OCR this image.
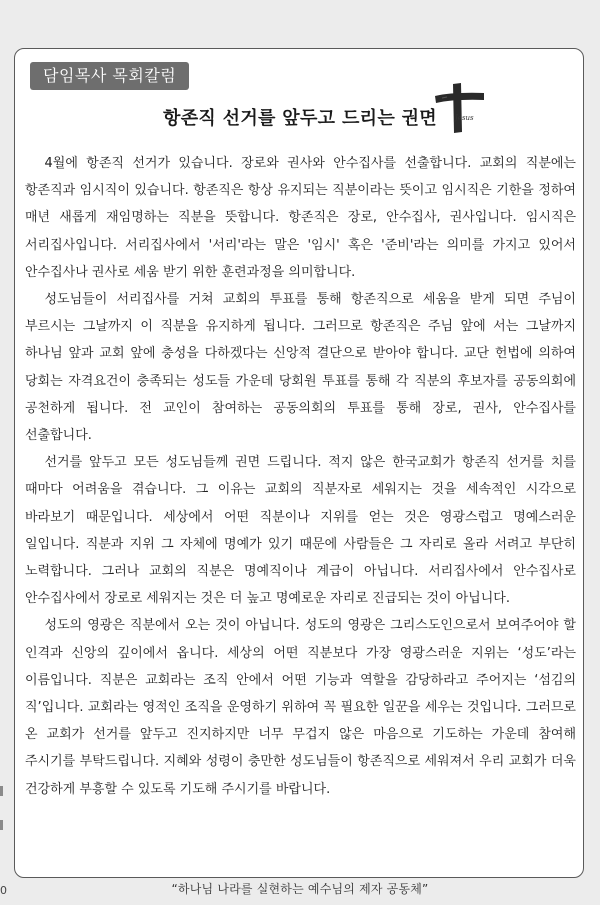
담임목사 목회칼럼
항존직 선거를 앞두고 드리는 권면	Jesus

4월에 항존직 선거가 있습니다. 장로와 권사와 안수집사를 선출합니다. 교회의 직분에는 항존직과 임시직이 있습니다. 항존직은 항상 유지되는 직분이라는 뜻이고 임시직은 기한을 정하여 매년 새롭게 재임명하는 직분을 뜻합니다. 항존직은 장로, 안수집사, 권사입니다. 임시직은 서리집사입니다. 서리집사에서 '서리'라는 말은 '임시' 혹은 '준비'라는 의미를 가지고 있어서 안수집사나 권사로 세움 받기 위한 훈련과정을 의미합니다.

성도님들이 서리집사를 거쳐 교회의 투표를 통해 항존직으로 세움을 받게 되면 주님이 부르시는 그날까지 이 직분을 유지하게 됩니다. 그러므로 항존직은 주님 앞에 서는 그날까지 하나님 앞과 교회 앞에 충성을 다하겠다는 신앙적 결단으로 받아야 합니다. 교단 헌법에 의하여 당회는 자격요건이 충족되는 성도들 가운데 당회원 투표를 통해 각 직분의 후보자를 공동의회에 공천하게 됩니다. 전 교인이 참여하는 공동의회의 투표를 통해 장로, 권사, 안수집사를 선출합니다.

선거를 앞두고 모든 성도님들께 권면 드립니다. 적지 않은 한국교회가 항존직 선거를 치를 때마다 어려움을 겪습니다. 그 이유는 교회의 직분자로 세워지는 것을 세속적인 시각으로 바라보기 때문입니다. 세상에서 어떤 직분이나 지위를 얻는 것은 영광스럽고 명예스러운 일입니다. 직분과 지위 그 자체에 명예가 있기 때문에 사람들은 그 자리로 올라 서려고 부단히 노력합니다. 그러나 교회의 직분은 명예직이나 계급이 아닙니다. 서리집사에서 안수집사로 안수집사에서 장로로 세워지는 것은 더 높고 명예로운 자리로 진급되는 것이 아닙니다.

성도의 영광은 직분에서 오는 것이 아닙니다. 성도의 영광은 그리스도인으로서 보여주어야 할 인격과 신앙의 깊이에서 옵니다. 세상의 어떤 직분보다 가장 영광스러운 지위는 ‘성도’라는 이름입니다. 직분은 교회라는 조직 안에서 어떤 기능과 역할을 감당하라고 주어지는 ‘섬김의 직’입니다. 교회라는 영적인 조직을 운영하기 위하여 꼭 필요한 일꾼을 세우는 것입니다. 그러므로 온 교회가 선거를 앞두고 진지하지만 너무 무겁지 않은 마음으로 기도하는 가운데 참여해 주시기를 부탁드립니다. 지혜와 성령이 충만한 성도님들이 항존직으로 세워져서 우리 교회가 더욱 건강하게 부흥할 수 있도록 기도해 주시기를 바랍니다.

0	“하나님 나라를 실현하는 예수님의 제자 공동체”
